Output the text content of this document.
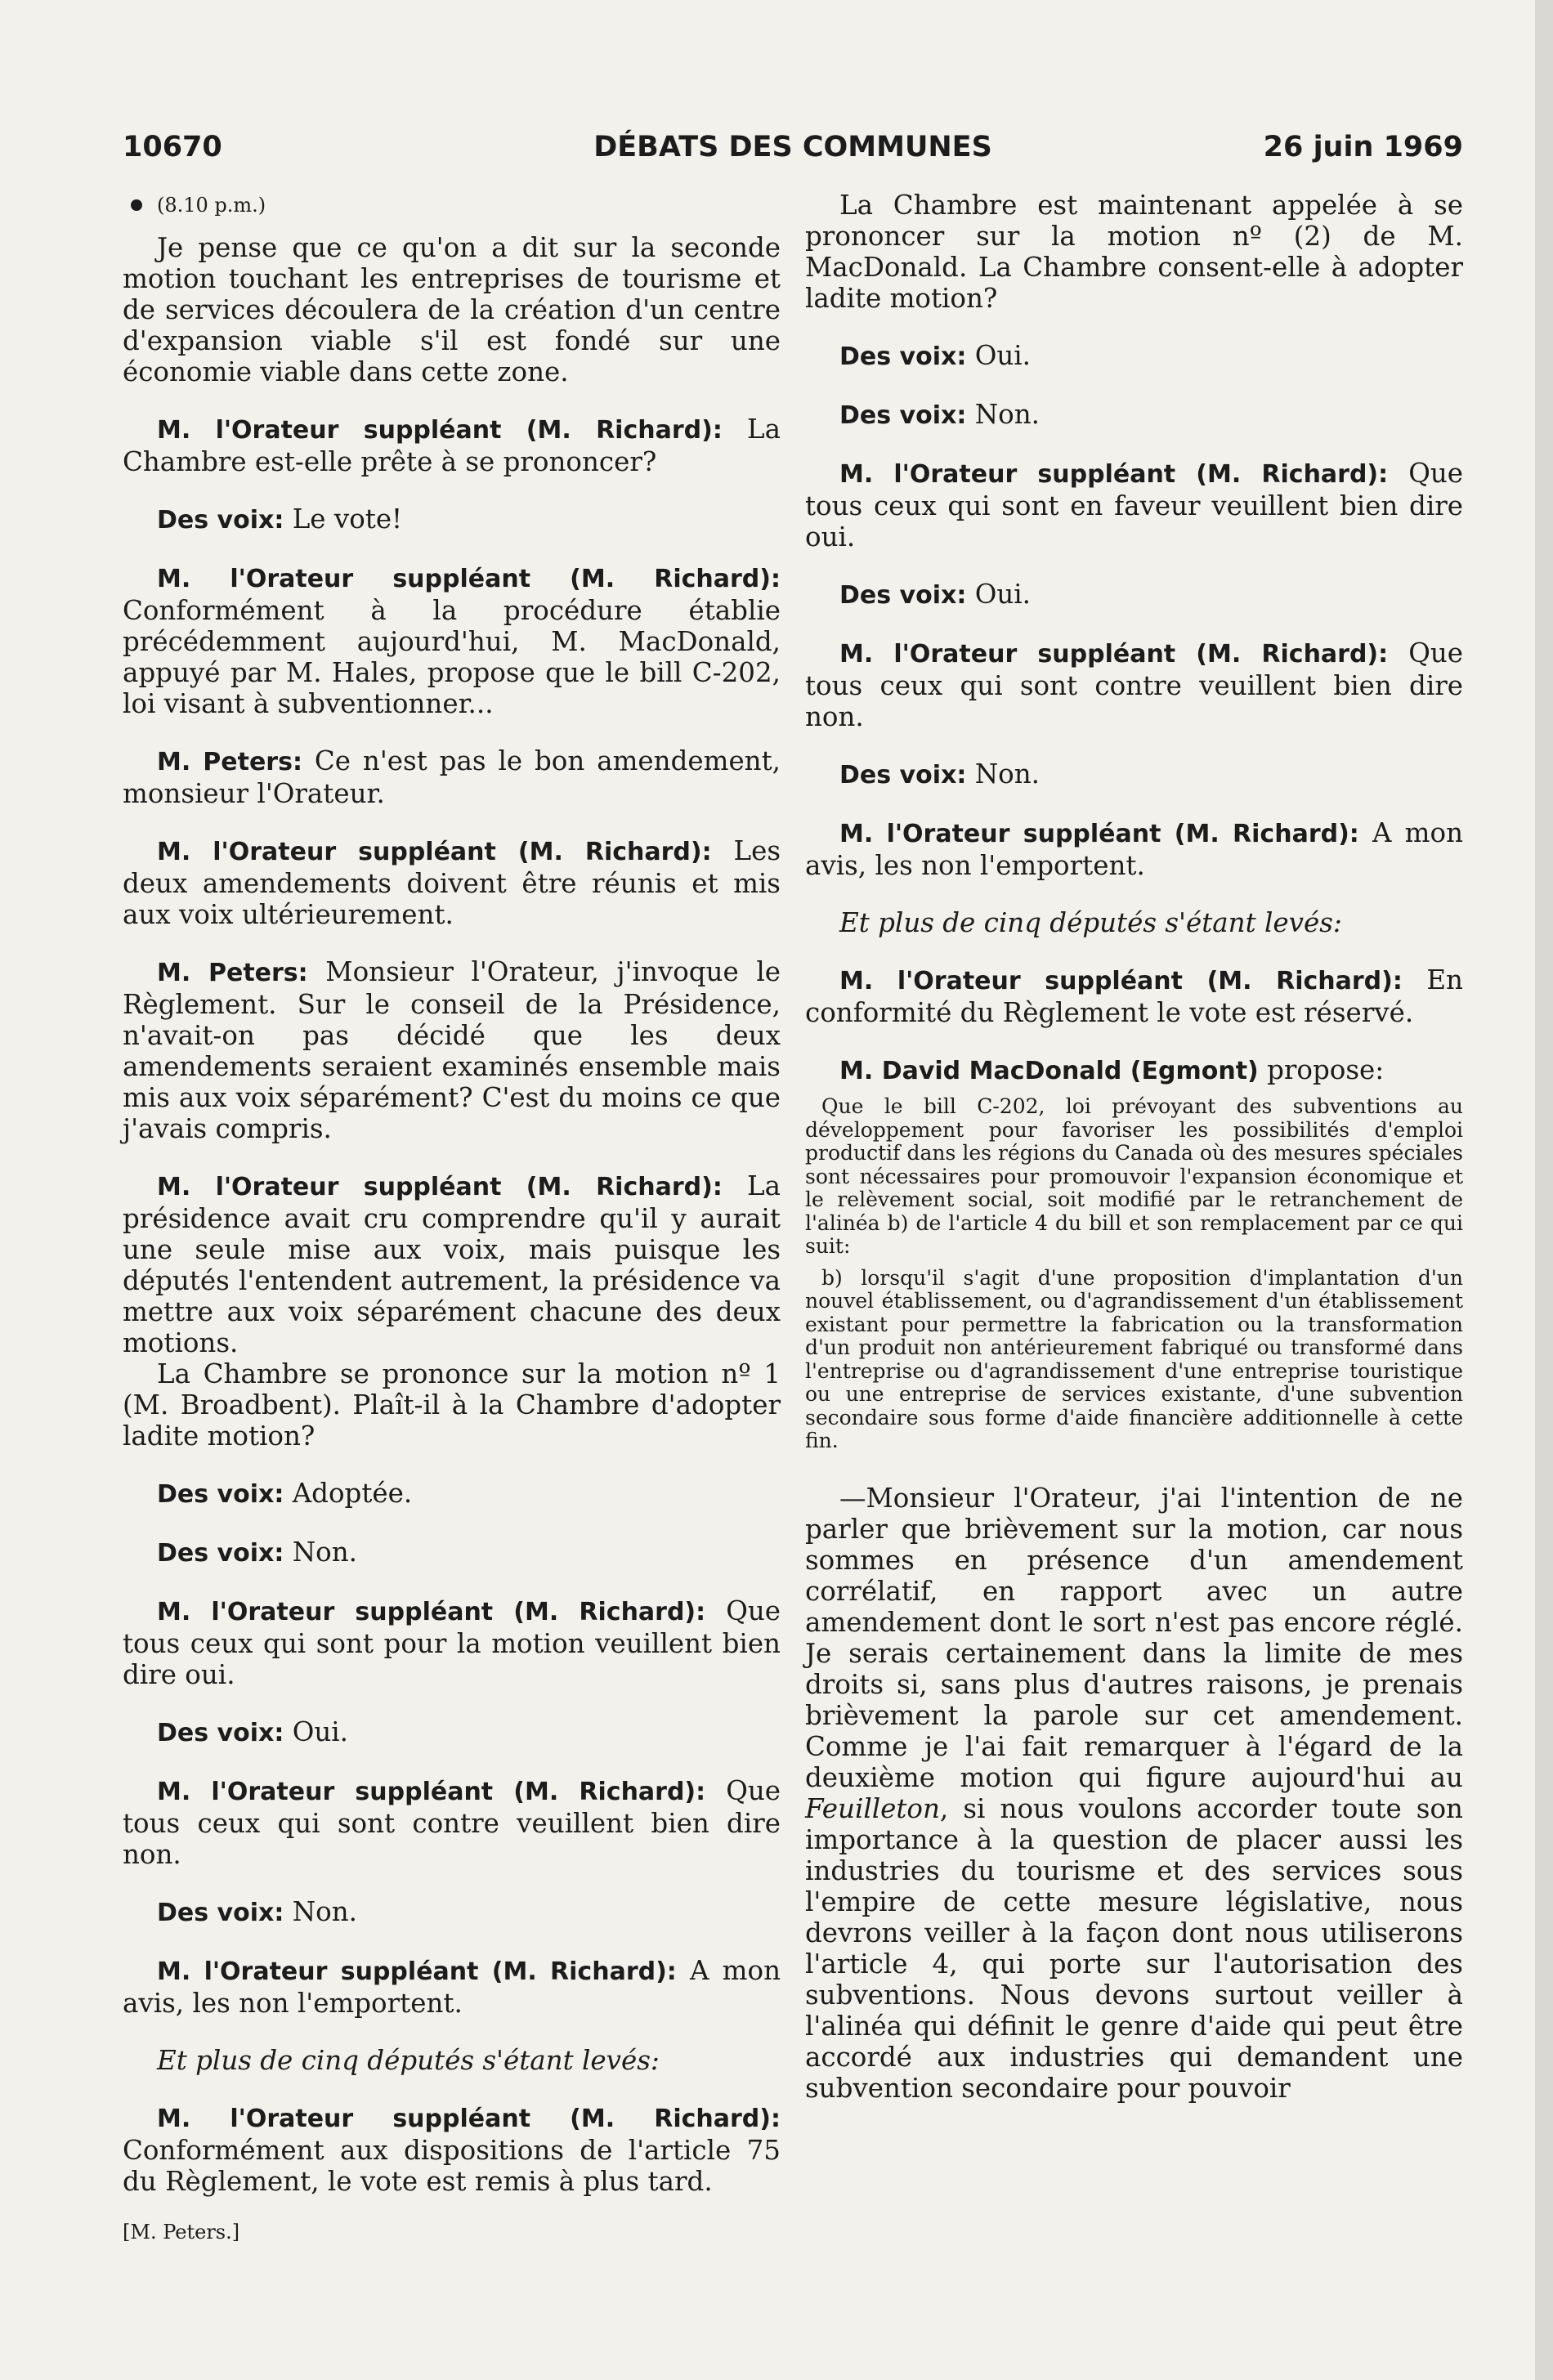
10670	DÉBATS DES COMMUNES	26 juin 1969

(8.10 p.m.)

Je pense que ce qu'on a dit sur la seconde motion touchant les entreprises de tourisme et de services découlera de la création d'un centre d'expansion viable s'il est fondé sur une économie viable dans cette zone.

M. l'Orateur suppléant (M. Richard): La Chambre est-elle prête à se prononcer?

Des voix: Le vote!

M. l'Orateur suppléant (M. Richard): Conformément à la procédure établie précédemment aujourd'hui, M. MacDonald, appuyé par M. Hales, propose que le bill C-202, loi visant à subventionner...

M. Peters: Ce n'est pas le bon amendement, monsieur l'Orateur.

M. l'Orateur suppléant (M. Richard): Les deux amendements doivent être réunis et mis aux voix ultérieurement.

M. Peters: Monsieur l'Orateur, j'invoque le Règlement. Sur le conseil de la Présidence, n'avait-on pas décidé que les deux amendements seraient examinés ensemble mais mis aux voix séparément? C'est du moins ce que j'avais compris.

M. l'Orateur suppléant (M. Richard): La présidence avait cru comprendre qu'il y aurait une seule mise aux voix, mais puisque les députés l'entendent autrement, la présidence va mettre aux voix séparément chacune des deux motions.

La Chambre se prononce sur la motion nº 1 (M. Broadbent). Plaît-il à la Chambre d'adopter ladite motion?

Des voix: Adoptée.

Des voix: Non.

M. l'Orateur suppléant (M. Richard): Que tous ceux qui sont pour la motion veuillent bien dire oui.

Des voix: Oui.

M. l'Orateur suppléant (M. Richard): Que tous ceux qui sont contre veuillent bien dire non.

Des voix: Non.

M. l'Orateur suppléant (M. Richard): A mon avis, les non l'emportent.

Et plus de cinq députés s'étant levés:

M. l'Orateur suppléant (M. Richard): Conformément aux dispositions de l'article 75 du Règlement, le vote est remis à plus tard.

[M. Peters.]

La Chambre est maintenant appelée à se prononcer sur la motion nº (2) de M. MacDonald. La Chambre consent-elle à adopter ladite motion?

Des voix: Oui.

Des voix: Non.

M. l'Orateur suppléant (M. Richard): Que tous ceux qui sont en faveur veuillent bien dire oui.

Des voix: Oui.

M. l'Orateur suppléant (M. Richard): Que tous ceux qui sont contre veuillent bien dire non.

Des voix: Non.

M. l'Orateur suppléant (M. Richard): A mon avis, les non l'emportent.

Et plus de cinq députés s'étant levés:

M. l'Orateur suppléant (M. Richard): En conformité du Règlement le vote est réservé.

M. David MacDonald (Egmont) propose:

Que le bill C-202, loi prévoyant des subventions au développement pour favoriser les possibilités d'emploi productif dans les régions du Canada où des mesures spéciales sont nécessaires pour promouvoir l'expansion économique et le relèvement social, soit modifié par le retranchement de l'alinéa b) de l'article 4 du bill et son remplacement par ce qui suit:

b) lorsqu'il s'agit d'une proposition d'implantation d'un nouvel établissement, ou d'agrandissement d'un établissement existant pour permettre la fabrication ou la transformation d'un produit non antérieurement fabriqué ou transformé dans l'entreprise ou d'agrandissement d'une entreprise touristique ou une entreprise de services existante, d'une subvention secondaire sous forme d'aide financière additionnelle à cette fin.

—Monsieur l'Orateur, j'ai l'intention de ne parler que brièvement sur la motion, car nous sommes en présence d'un amendement corrélatif, en rapport avec un autre amendement dont le sort n'est pas encore réglé. Je serais certainement dans la limite de mes droits si, sans plus d'autres raisons, je prenais brièvement la parole sur cet amendement. Comme je l'ai fait remarquer à l'égard de la deuxième motion qui figure aujourd'hui au Feuilleton, si nous voulons accorder toute son importance à la question de placer aussi les industries du tourisme et des services sous l'empire de cette mesure législative, nous devrons veiller à la façon dont nous utiliserons l'article 4, qui porte sur l'autorisation des subventions. Nous devons surtout veiller à l'alinéa qui définit le genre d'aide qui peut être accordé aux industries qui demandent une subvention secondaire pour pouvoir
